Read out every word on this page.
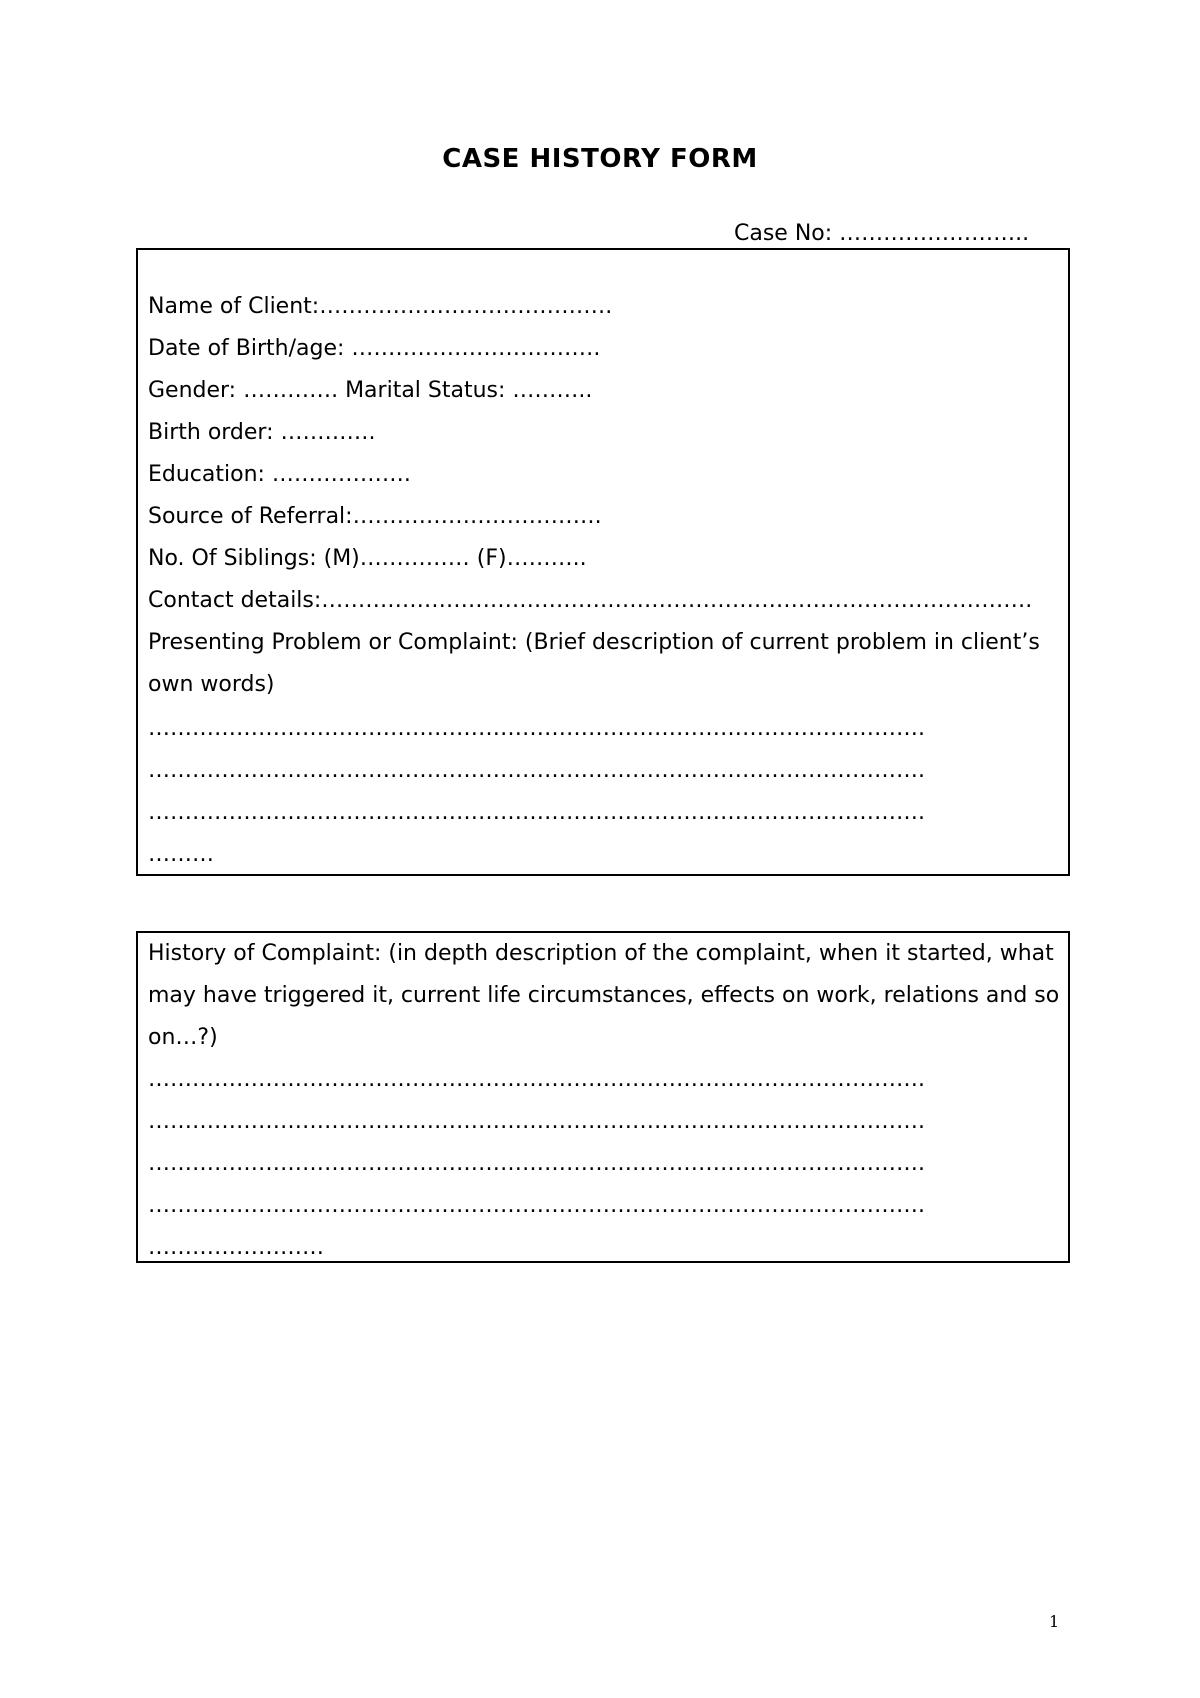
CASE HISTORY FORM
Case No: ……………………..
Name of Client:………………………………….
Date of Birth/age: …………………………….
Gender: …………. Marital Status: ………..
Birth order: ………….
Education: ……………….
Source of Referral:…………………………….
No. Of Siblings: (M)…………… (F)………..
Contact details:…………………………………………………………………………………….
Presenting Problem or Complaint: (Brief description of current problem in client’s own words)
…………………………………………………………………………………………….
…………………………………………………………………………………………….
…………………………………………………………………………………………….
………
History of Complaint: (in depth description of the complaint, when it started, what may have triggered it, current life circumstances, effects on work, relations and so on…?)
…………………………………………………………………………………………….
…………………………………………………………………………………………….
…………………………………………………………………………………………….
…………………………………………………………………………………………….
……………………
1
